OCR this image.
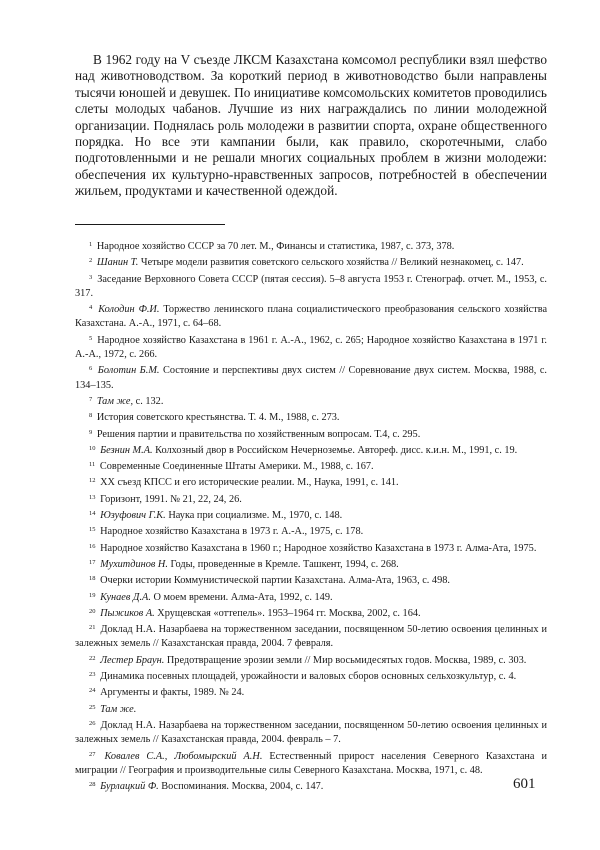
В 1962 году на V съезде ЛКСМ Казахстана комсомол республики взял шефство над животноводством. За короткий период в животноводство были направлены тысячи юношей и девушек. По инициативе комсомольских комитетов проводились слеты молодых чабанов. Лучшие из них награждались по линии молодежной организации. Поднялась роль молодежи в развитии спорта, охране общественного порядка. Но все эти кампании были, как правило, скоротечными, слабо подготовленными и не решали многих социальных проблем в жизни молодежи: обеспечения их культурно-нравственных запросов, потребностей в обеспечении жильем, продуктами и качественной одеждой.

$^1$ Народное хозяйство СССР за 70 лет. М., Финансы и статистика, 1987, с. 373, 378.

$^2$ Шанин Т. Четыре модели развития советского сельского хозяйства // Великий незнакомец, с. 147.

$^3$ Заседание Верховного Совета СССР (пятая сессия). 5–8 августа 1953 г. Стенограф. отчет. М., 1953, с. 317.

$^4$ Колодин Ф.И. Торжество ленинского плана социалистического преобразования сельского хозяйства Казахстана. А.-А., 1971, с. 64–68.

$^5$ Народное хозяйство Казахстана в 1961 г. А.-А., 1962, с. 265; Народное хозяйство Казахстана в 1971 г. А.-А., 1972, с. 266.

$^6$ Болотин Б.М. Состояние и перспективы двух систем // Соревнование двух систем. Москва, 1988, с. 134–135.

$^7$ Там же, с. 132.

$^8$ История советского крестьянства. Т. 4. М., 1988, с. 273.

$^9$ Решения партии и правительства по хозяйственным вопросам. Т.4, с. 295.

$^{10}$ Безнин М.А. Колхозный двор в Российском Нечерноземье. Автореф. дисс. к.и.н. М., 1991, с. 19.

$^{11}$ Современные Соединенные Штаты Америки. М., 1988, с. 167.

$^{12}$ ХХ съезд КПСС и его исторические реалии. М., Наука, 1991, с. 141.

$^{13}$ Горизонт, 1991. № 21, 22, 24, 26.

$^{14}$ Юзуфович Г.К. Наука при социализме. М., 1970, с. 148.

$^{15}$ Народное хозяйство Казахстана в 1973 г. А.-А., 1975, с. 178.

$^{16}$ Народное хозяйство Казахстана в 1960 г.; Народное хозяйство Казахстана в 1973 г. Алма-Ата, 1975.

$^{17}$ Мухитдинов Н. Годы, проведенные в Кремле. Ташкент, 1994, с. 268.

$^{18}$ Очерки истории Коммунистической партии Казахстана. Алма-Ата, 1963, с. 498.

$^{19}$ Кунаев Д.А. О моем времени. Алма-Ата, 1992, с. 149.

$^{20}$ Пыжиков А. Хрущевская «оттепель». 1953–1964 гг. Москва, 2002, с. 164.

$^{21}$ Доклад Н.А. Назарбаева на торжественном заседании, посвященном 50-летию освоения целинных и залежных земель // Казахстанская правда, 2004. 7 февраля.

$^{22}$ Лестер Браун. Предотвращение эрозии земли // Мир восьмидесятых годов. Москва, 1989, с. 303.

$^{23}$ Динамика посевных площадей, урожайности и валовых сборов основных сельхозкультур, с. 4.

$^{24}$ Аргументы и факты, 1989. № 24.

$^{25}$ Там же.

$^{26}$ Доклад Н.А. Назарбаева на торжественном заседании, посвященном 50-летию освоения целинных и залежных земель // Казахстанская правда, 2004. февраль – 7.

$^{27}$ Ковалев С.А., Любомырский А.Н. Естественный прирост населения Северного Казахстана и миграции // География и производительные силы Северного Казахстана. Москва, 1971, с. 48.

$^{28}$ Бурлацкий Ф. Воспоминания. Москва, 2004, с. 147.	601
